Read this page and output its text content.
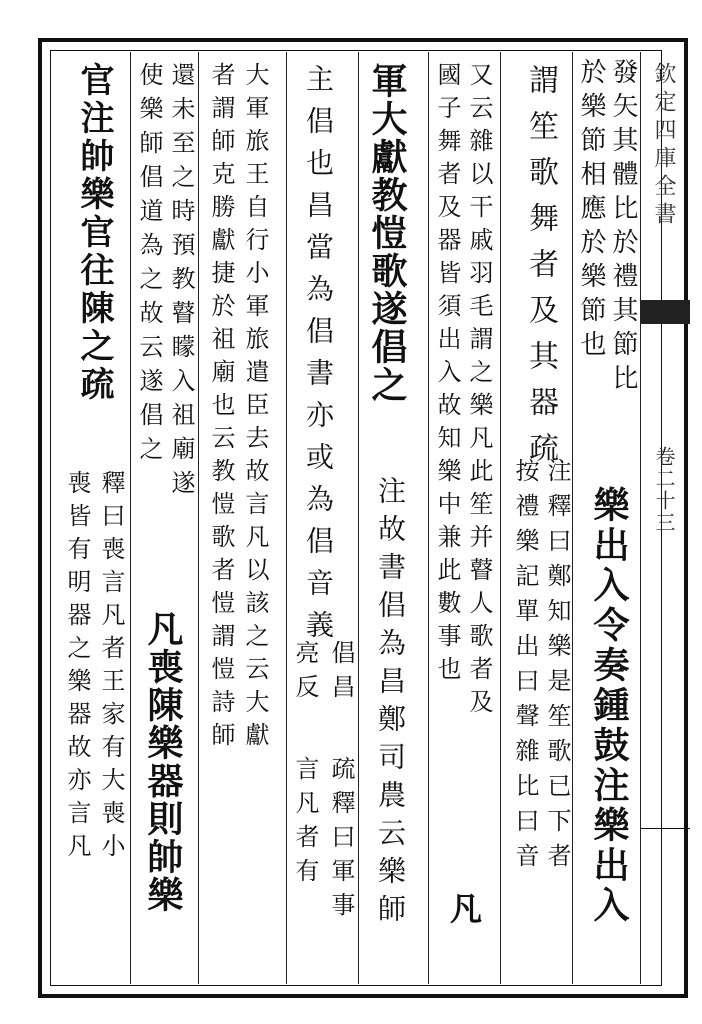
欽定四庫全書
卷二十三
發矢其體比於禮其節比
於樂節相應於樂節也
謂笙歌舞者及其器疏
注釋曰鄭知樂是笙歌已下者
按禮樂記單出曰聲雜比曰音 樂出入令奏鍾鼓注樂出入
又云雜以干戚羽毛謂之樂凡此笙并瞽人歌者及
國子舞者及器皆須出入故知樂中兼此數事也
凡
軍大獻教愷歌遂倡之
注故書倡為昌鄭司農云樂師
主倡也昌當為倡書亦或為倡音義
倡昌
亮反
疏釋曰軍事
言凡者有
大軍旅王自行小軍旅遣臣去故言凡以該之云大獻
者謂師克勝獻捷於祖廟也云教愷歌者愷謂愷詩師
還未至之時預教瞽矇入祖廟遂
使樂師倡道為之故云遂倡之
凡喪陳樂器則帥樂
官注帥樂官往陳之疏
釋曰喪言凡者王家有大喪小
喪皆有明器之樂器故亦言凡
